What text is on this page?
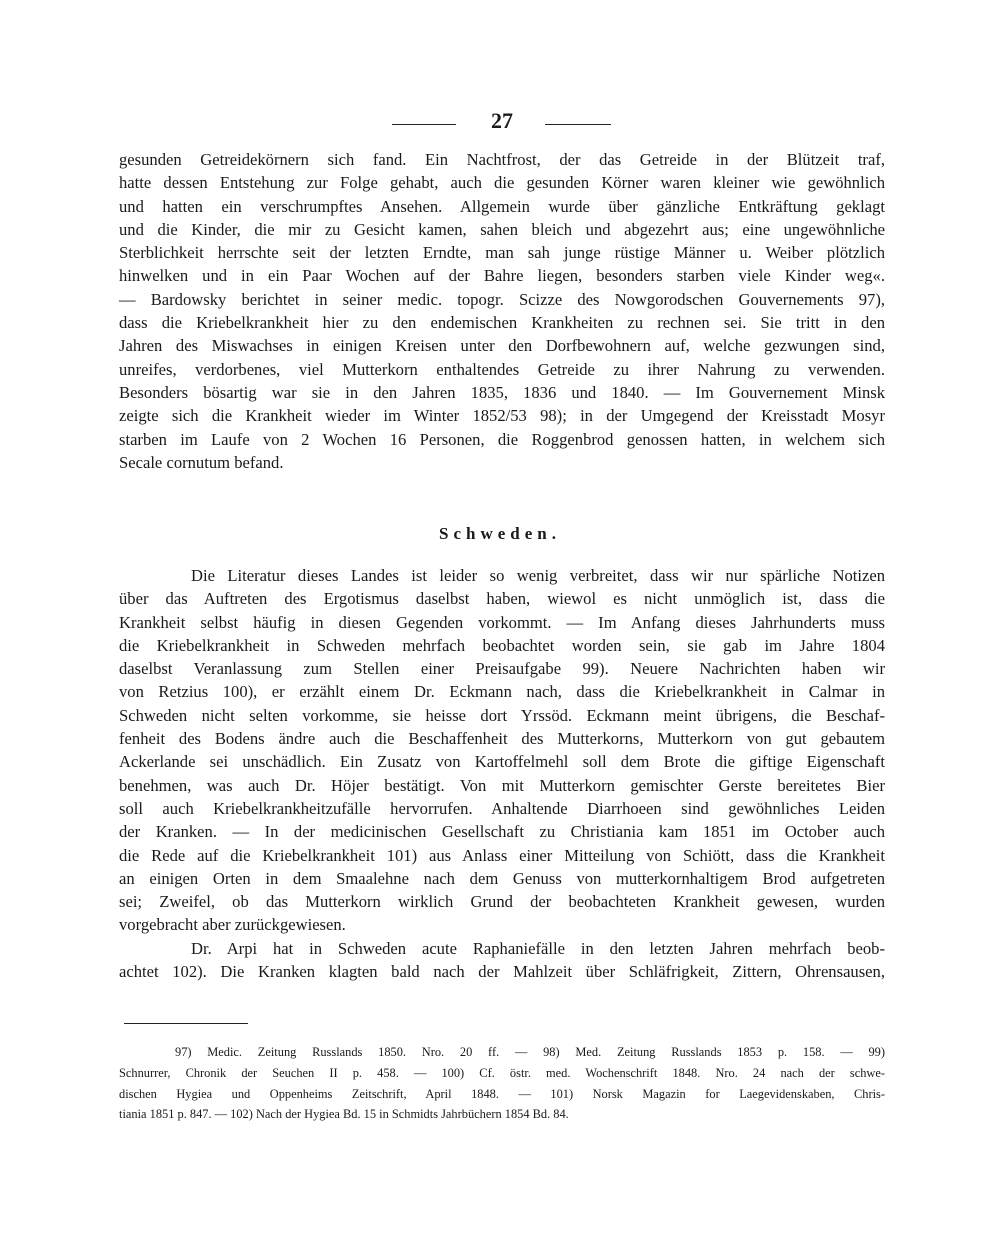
27
gesunden Getreidekörnern sich fand. Ein Nachtfrost, der das Getreide in der Blützeit traf,
hatte dessen Entstehung zur Folge gehabt, auch die gesunden Körner waren kleiner wie gewöhnlich
und hatten ein verschrumpftes Ansehen. Allgemein wurde über gänzliche Entkräftung geklagt
und die Kinder, die mir zu Gesicht kamen, sahen bleich und abgezehrt aus; eine ungewöhnliche
Sterblichkeit herrschte seit der letzten Erndte, man sah junge rüstige Männer u. Weiber plötzlich
hinwelken und in ein Paar Wochen auf der Bahre liegen, besonders starben viele Kinder weg«.
— Bardowsky berichtet in seiner medic. topogr. Scizze des Nowgorodschen Gouvernements 97),
dass die Kriebelkrankheit hier zu den endemischen Krankheiten zu rechnen sei. Sie tritt in den
Jahren des Miswachses in einigen Kreisen unter den Dorfbewohnern auf, welche gezwungen sind,
unreifes, verdorbenes, viel Mutterkorn enthaltendes Getreide zu ihrer Nahrung zu verwenden.
Besonders bösartig war sie in den Jahren 1835, 1836 und 1840. — Im Gouvernement Minsk
zeigte sich die Krankheit wieder im Winter 1852/53 98); in der Umgegend der Kreisstadt Mosyr
starben im Laufe von 2 Wochen 16 Personen, die Roggenbrod genossen hatten, in welchem sich
Secale cornutum befand.
Schweden.
Die Literatur dieses Landes ist leider so wenig verbreitet, dass wir nur spärliche Notizen
über das Auftreten des Ergotismus daselbst haben, wiewol es nicht unmöglich ist, dass die
Krankheit selbst häufig in diesen Gegenden vorkommt. — Im Anfang dieses Jahrhunderts muss
die Kriebelkrankheit in Schweden mehrfach beobachtet worden sein, sie gab im Jahre 1804
daselbst Veranlassung zum Stellen einer Preisaufgabe 99). Neuere Nachrichten haben wir
von Retzius 100), er erzählt einem Dr. Eckmann nach, dass die Kriebelkrankheit in Calmar in
Schweden nicht selten vorkomme, sie heisse dort Yrssöd. Eckmann meint übrigens, die Beschaf-
fenheit des Bodens ändre auch die Beschaffenheit des Mutterkorns, Mutterkorn von gut gebautem
Ackerlande sei unschädlich. Ein Zusatz von Kartoffelmehl soll dem Brote die giftige Eigenschaft
benehmen, was auch Dr. Höjer bestätigt. Von mit Mutterkorn gemischter Gerste bereitetes Bier
soll auch Kriebelkrankheitzufälle hervorrufen. Anhaltende Diarrhoeen sind gewöhnliches Leiden
der Kranken. — In der medicinischen Gesellschaft zu Christiania kam 1851 im October auch
die Rede auf die Kriebelkrankheit 101) aus Anlass einer Mitteilung von Schiött, dass die Krankheit
an einigen Orten in dem Smaalehne nach dem Genuss von mutterkornhaltigem Brod aufgetreten
sei; Zweifel, ob das Mutterkorn wirklich Grund der beobachteten Krankheit gewesen, wurden
vorgebracht aber zurückgewiesen.
Dr. Arpi hat in Schweden acute Raphaniefälle in den letzten Jahren mehrfach beob-
achtet 102). Die Kranken klagten bald nach der Mahlzeit über Schläfrigkeit, Zittern, Ohrensausen,
97) Medic. Zeitung Russlands 1850. Nro. 20 ff. — 98) Med. Zeitung Russlands 1853 p. 158. — 99)
Schnurrer, Chronik der Seuchen II p. 458. — 100) Cf. östr. med. Wochenschrift 1848. Nro. 24 nach der schwe-
dischen Hygiea und Oppenheims Zeitschrift, April 1848. — 101) Norsk Magazin for Laegevidenskaben, Chris-
tiania 1851 p. 847. — 102) Nach der Hygiea Bd. 15 in Schmidts Jahrbüchern 1854 Bd. 84.
